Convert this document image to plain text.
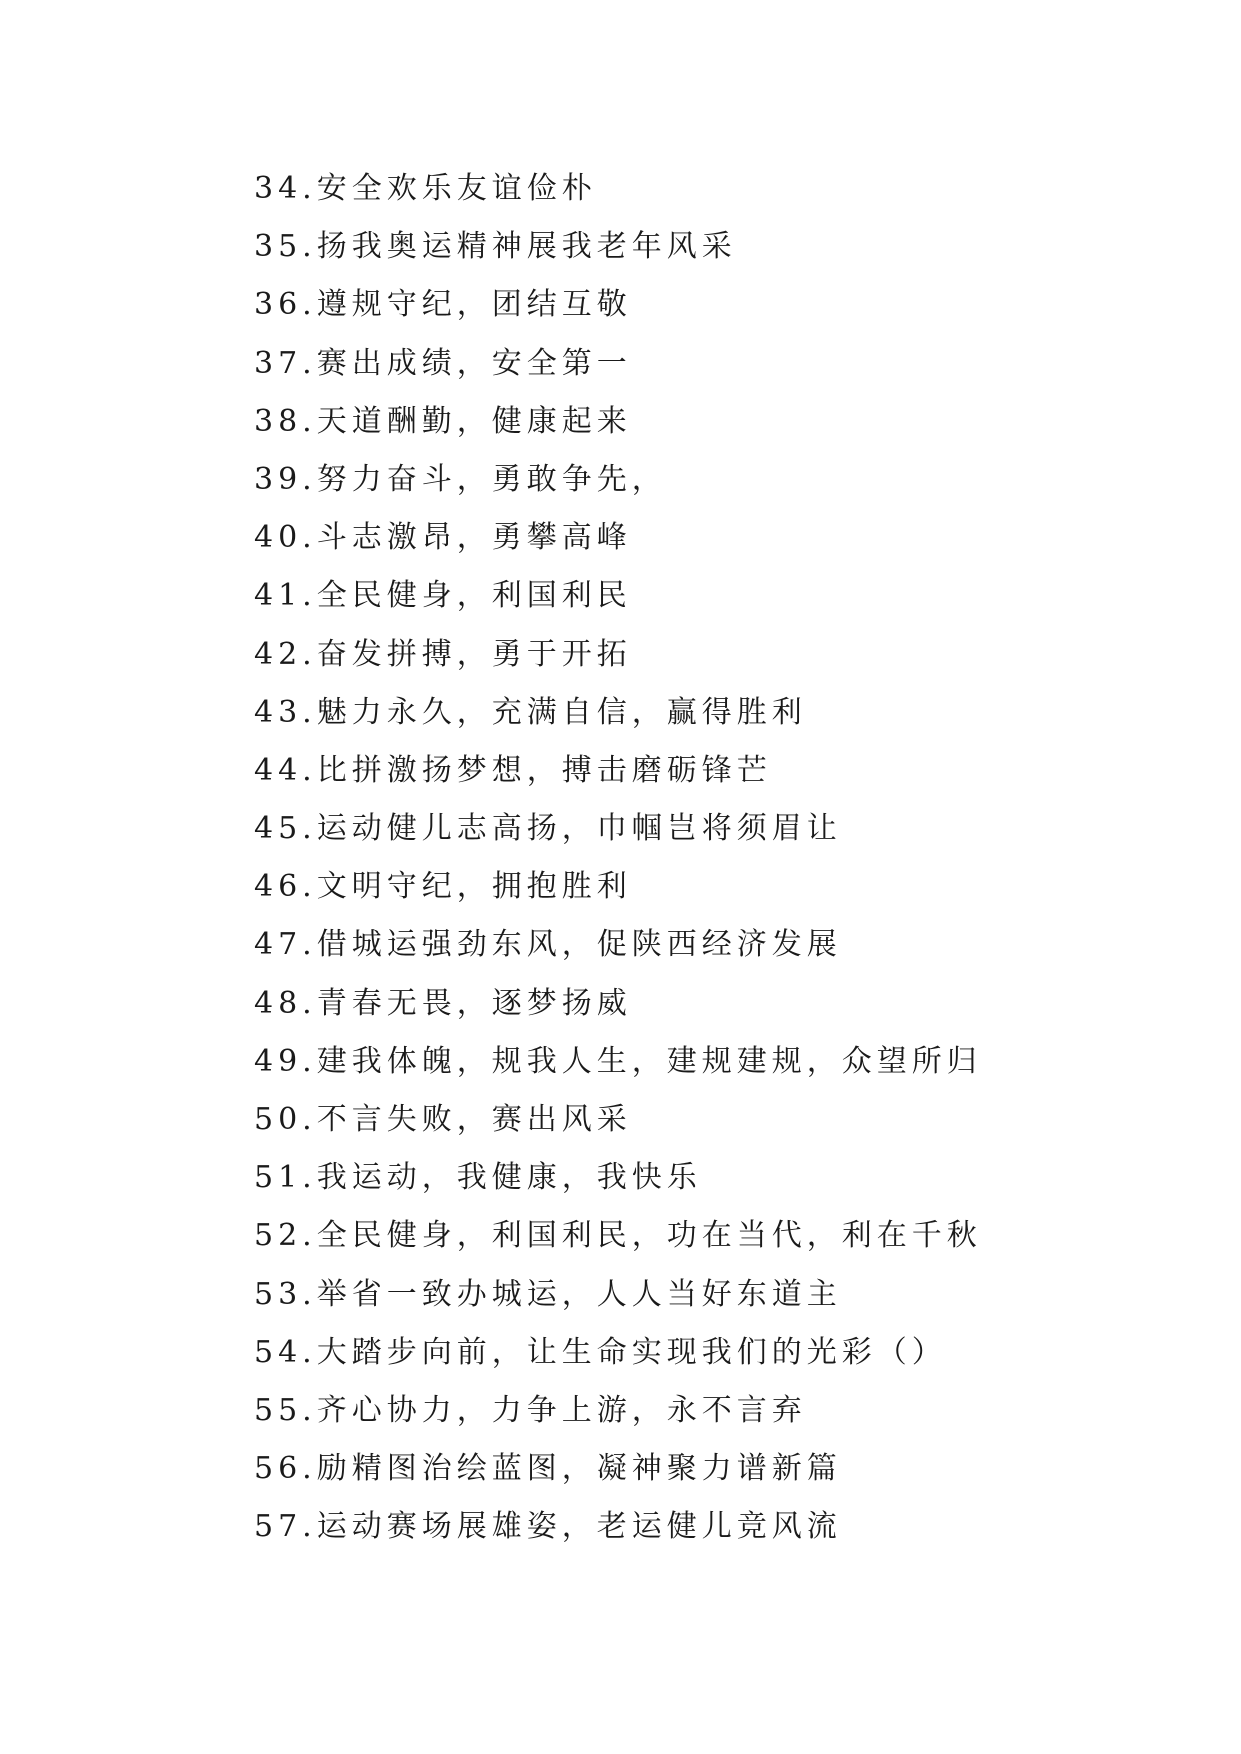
34.安全欢乐友谊俭朴
35.扬我奥运精神展我老年风采
36.遵规守纪，团结互敬
37.赛出成绩，安全第一
38.天道酬勤，健康起来
39.努力奋斗，勇敢争先，
40.斗志激昂，勇攀高峰
41.全民健身，利国利民
42.奋发拼搏，勇于开拓
43.魅力永久，充满自信，赢得胜利
44.比拼激扬梦想，搏击磨砺锋芒
45.运动健儿志高扬，巾帼岂将须眉让
46.文明守纪，拥抱胜利
47.借城运强劲东风，促陕西经济发展
48.青春无畏，逐梦扬威
49.建我体魄，规我人生，建规建规，众望所归
50.不言失败，赛出风采
51.我运动，我健康，我快乐
52.全民健身，利国利民，功在当代，利在千秋
53.举省一致办城运，人人当好东道主
54.大踏步向前，让生命实现我们的光彩（）
55.齐心协力，力争上游，永不言弃
56.励精图治绘蓝图，凝神聚力谱新篇
57.运动赛场展雄姿，老运健儿竞风流
